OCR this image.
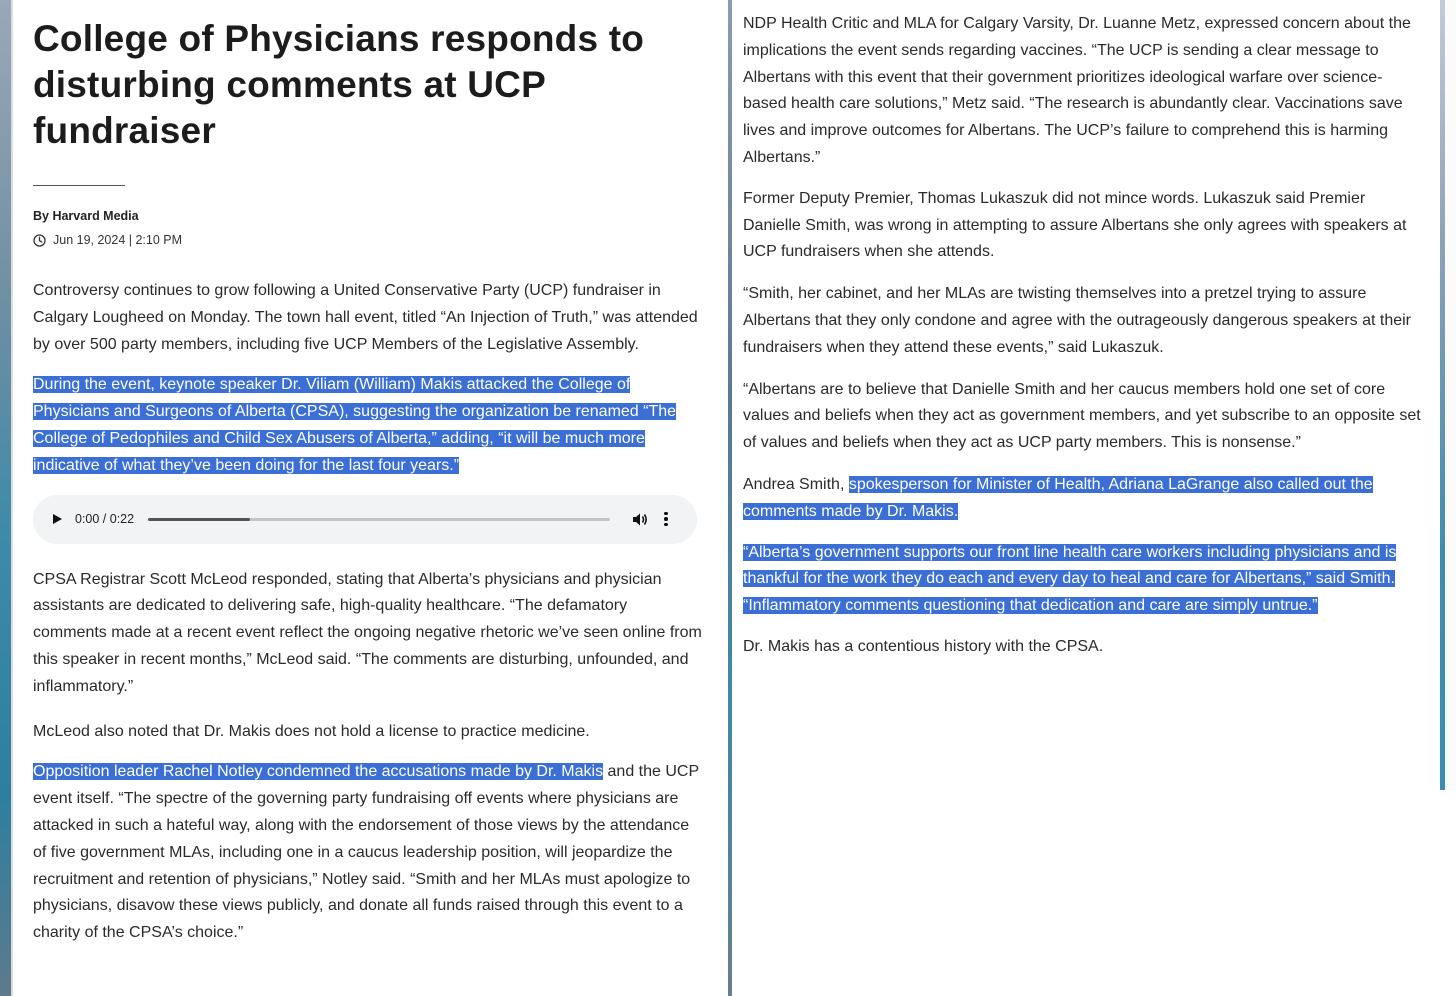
College of Physicians responds to disturbing comments at UCP fundraiser
By Harvard Media
Jun 19, 2024 | 2:10 PM

Controversy continues to grow following a United Conservative Party (UCP) fundraiser in Calgary Lougheed on Monday. The town hall event, titled “An Injection of Truth,” was attended by over 500 party members, including five UCP Members of the Legislative Assembly.

During the event, keynote speaker Dr. Viliam (William) Makis attacked the College of Physicians and Surgeons of Alberta (CPSA), suggesting the organization be renamed “The College of Pedophiles and Child Sex Abusers of Alberta,” adding, “it will be much more indicative of what they’ve been doing for the last four years.”

0:00 / 0:22

CPSA Registrar Scott McLeod responded, stating that Alberta’s physicians and physician assistants are dedicated to delivering safe, high-quality healthcare. “The defamatory comments made at a recent event reflect the ongoing negative rhetoric we’ve seen online from this speaker in recent months,” McLeod said. “The comments are disturbing, unfounded, and inflammatory.”

McLeod also noted that Dr. Makis does not hold a license to practice medicine.

Opposition leader Rachel Notley condemned the accusations made by Dr. Makis and the UCP event itself. “The spectre of the governing party fundraising off events where physicians are attacked in such a hateful way, along with the endorsement of those views by the attendance of five government MLAs, including one in a caucus leadership position, will jeopardize the recruitment and retention of physicians,” Notley said. “Smith and her MLAs must apologize to physicians, disavow these views publicly, and donate all funds raised through this event to a charity of the CPSA’s choice.”

NDP Health Critic and MLA for Calgary Varsity, Dr. Luanne Metz, expressed concern about the implications the event sends regarding vaccines. “The UCP is sending a clear message to Albertans with this event that their government prioritizes ideological warfare over science-based health care solutions,” Metz said. “The research is abundantly clear. Vaccinations save lives and improve outcomes for Albertans. The UCP’s failure to comprehend this is harming Albertans.”

Former Deputy Premier, Thomas Lukaszuk did not mince words. Lukaszuk said Premier Danielle Smith, was wrong in attempting to assure Albertans she only agrees with speakers at UCP fundraisers when she attends.

“Smith, her cabinet, and her MLAs are twisting themselves into a pretzel trying to assure Albertans that they only condone and agree with the outrageously dangerous speakers at their fundraisers when they attend these events,” said Lukaszuk.

“Albertans are to believe that Danielle Smith and her caucus members hold one set of core values and beliefs when they act as government members, and yet subscribe to an opposite set of values and beliefs when they act as UCP party members. This is nonsense.”

Andrea Smith, spokesperson for Minister of Health, Adriana LaGrange also called out the comments made by Dr. Makis.

“Alberta’s government supports our front line health care workers including physicians and is thankful for the work they do each and every day to heal and care for Albertans,” said Smith. “Inflammatory comments questioning that dedication and care are simply untrue.”

Dr. Makis has a contentious history with the CPSA.
